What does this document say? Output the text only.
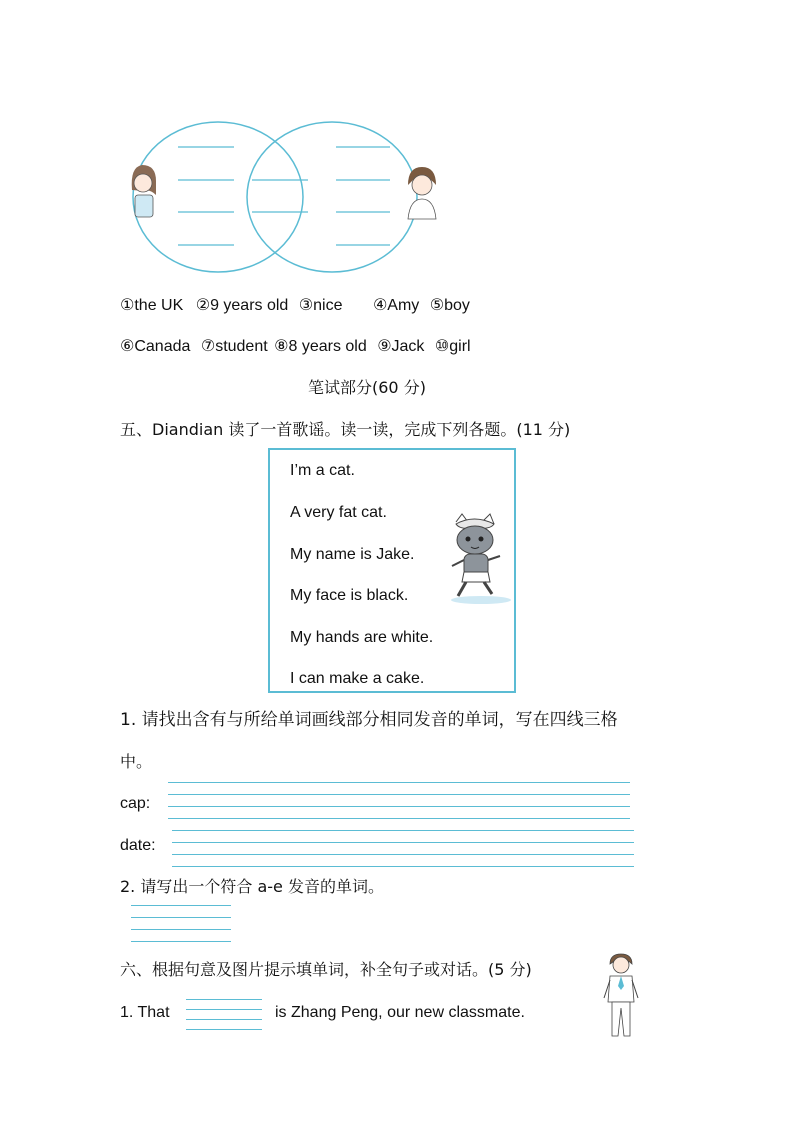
①the UK ②9 years old ③nice ④Amy ⑤boy
⑥Canada ⑦student ⑧8 years old ⑨Jack ⑩girl
笔试部分(60 分)
五、Diandian 读了一首歌谣。读一读，完成下列各题。(11 分)
I’m a cat.
A very fat cat.
My name is Jake.
My face is black.
My hands are white.
I can make a cake.
1. 请找出含有与所给单词画线部分相同发音的单词，写在四线三格
中。
cap:
date:
2. 请写出一个符合 a-e 发音的单词。
六、根据句意及图片提示填单词，补全句子或对话。(5 分)
1. That	is Zhang Peng, our new classmate.
